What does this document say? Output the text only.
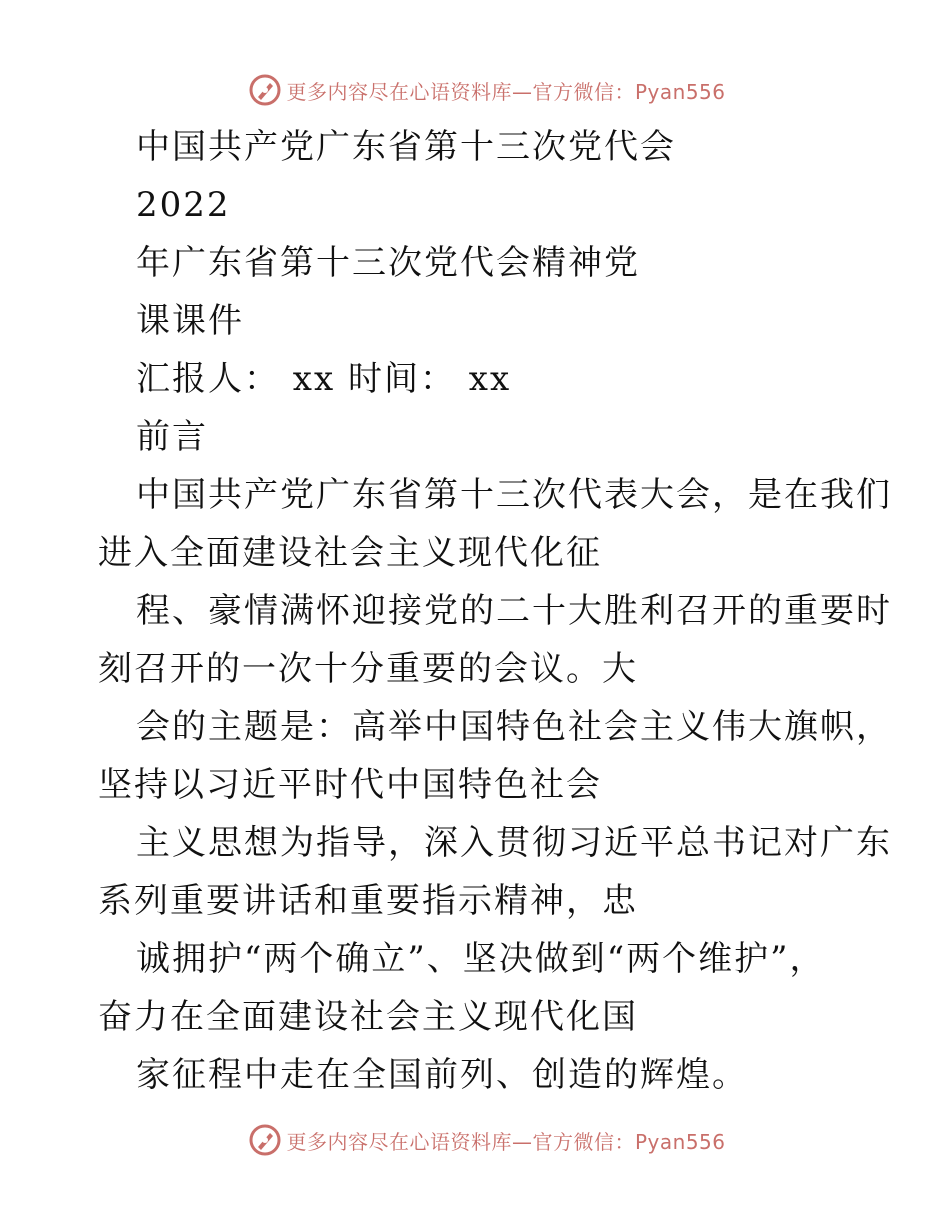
更多内容尽在心语资料库—官方微信：Pyan556
中国共产党广东省第十三次党代会
2022
年广东省第十三次党代会精神党
课课件
汇报人： xx 时间： xx
前言
中国共产党广东省第十三次代表大会，是在我们
进入全面建设社会主义现代化征
程、豪情满怀迎接党的二十大胜利召开的重要时
刻召开的一次十分重要的会议。大
会的主题是：高举中国特色社会主义伟大旗帜，
坚持以习近平时代中国特色社会
主义思想为指导，深入贯彻习近平总书记对广东
系列重要讲话和重要指示精神，忠
诚拥护“两个确立”、坚决做到“两个维护”，
奋力在全面建设社会主义现代化国
家征程中走在全国前列、创造的辉煌。
更多内容尽在心语资料库—官方微信：Pyan556
